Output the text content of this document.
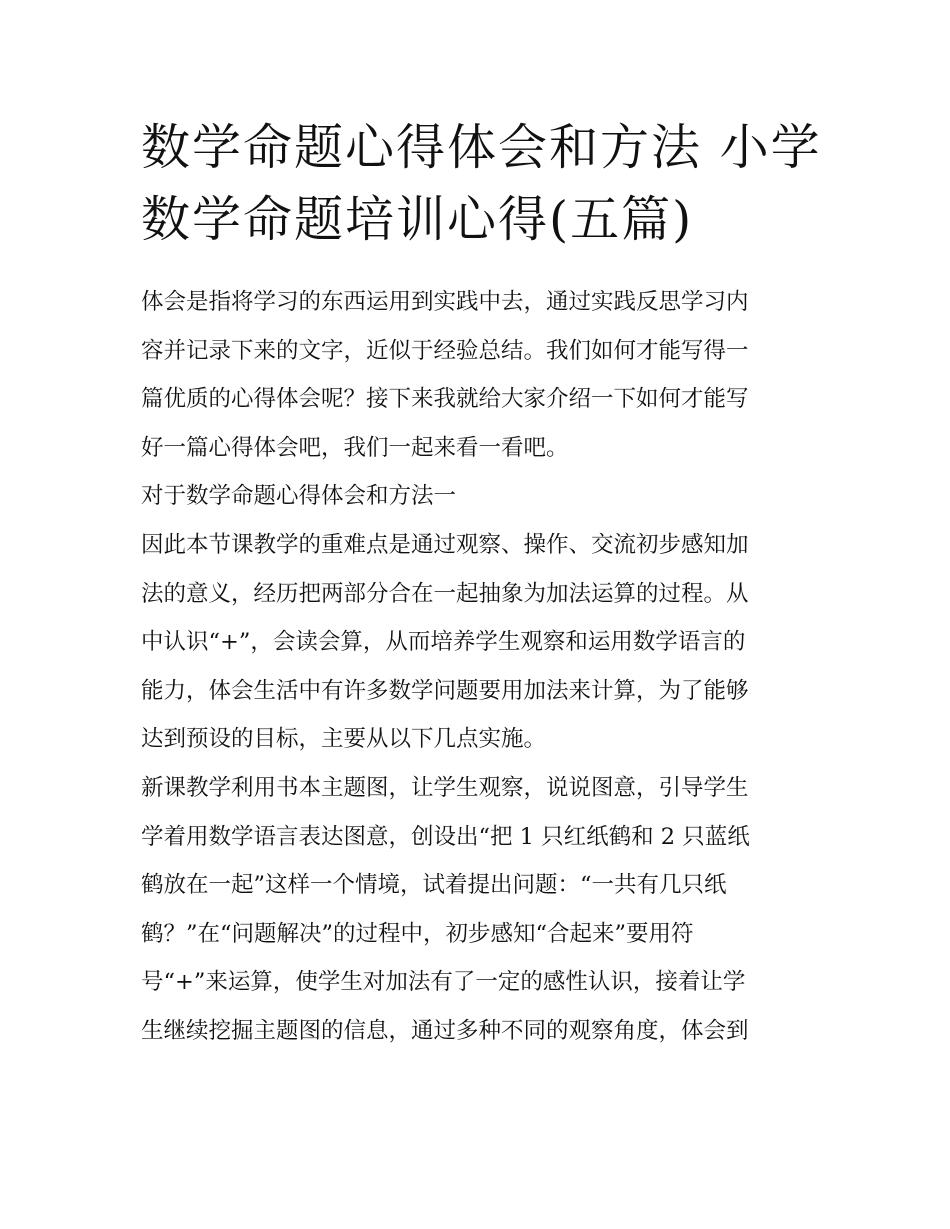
数学命题心得体会和方法 小学
数学命题培训心得(五篇)
体会是指将学习的东西运用到实践中去，通过实践反思学习内
容并记录下来的文字，近似于经验总结。我们如何才能写得一
篇优质的心得体会呢？接下来我就给大家介绍一下如何才能写
好一篇心得体会吧，我们一起来看一看吧。
对于数学命题心得体会和方法一
因此本节课教学的重难点是通过观察、操作、交流初步感知加
法的意义，经历把两部分合在一起抽象为加法运算的过程。从
中认识“+”，会读会算，从而培养学生观察和运用数学语言的
能力，体会生活中有许多数学问题要用加法来计算，为了能够
达到预设的目标，主要从以下几点实施。
新课教学利用书本主题图，让学生观察，说说图意，引导学生
学着用数学语言表达图意，创设出“把 1 只红纸鹤和 2 只蓝纸
鹤放在一起”这样一个情境，试着提出问题：“一共有几只纸
鹤？”在“问题解决”的过程中，初步感知“合起来”要用符
号“+”来运算，使学生对加法有了一定的感性认识，接着让学
生继续挖掘主题图的信息，通过多种不同的观察角度，体会到
